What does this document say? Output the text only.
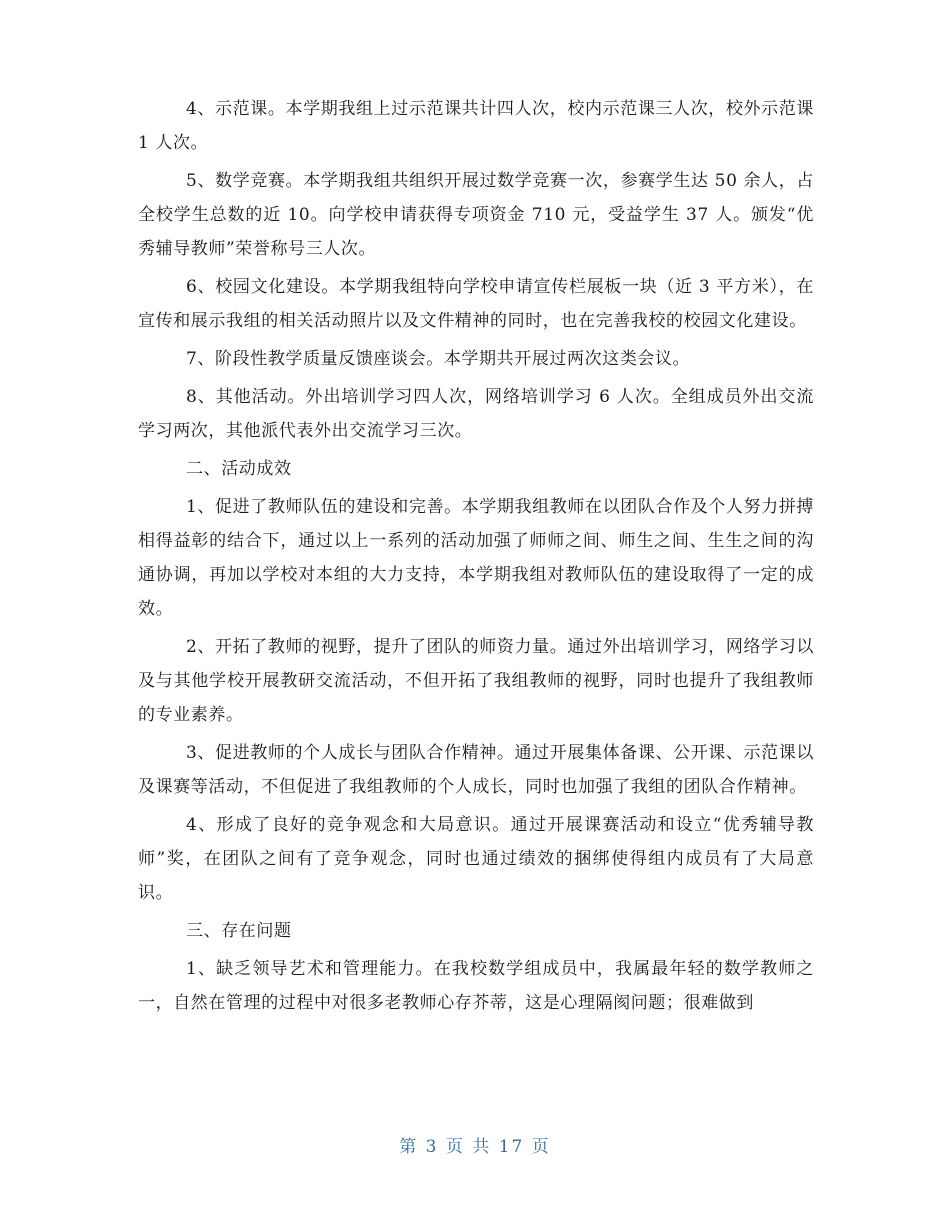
4、示范课。本学期我组上过示范课共计四人次，校内示范课三人次，校外示范课 1 人次。

5、数学竞赛。本学期我组共组织开展过数学竞赛一次，参赛学生达 50 余人，占全校学生总数的近 10。向学校申请获得专项资金 710 元，受益学生 37 人。颁发“优秀辅导教师”荣誉称号三人次。

6、校园文化建设。本学期我组特向学校申请宣传栏展板一块（近 3 平方米），在宣传和展示我组的相关活动照片以及文件精神的同时，也在完善我校的校园文化建设。

7、阶段性教学质量反馈座谈会。本学期共开展过两次这类会议。

8、其他活动。外出培训学习四人次，网络培训学习 6 人次。全组成员外出交流学习两次，其他派代表外出交流学习三次。

二、活动成效

1、促进了教师队伍的建设和完善。本学期我组教师在以团队合作及个人努力拼搏相得益彰的结合下，通过以上一系列的活动加强了师师之间、师生之间、生生之间的沟通协调，再加以学校对本组的大力支持，本学期我组对教师队伍的建设取得了一定的成效。

2、开拓了教师的视野，提升了团队的师资力量。通过外出培训学习，网络学习以及与其他学校开展教研交流活动，不但开拓了我组教师的视野，同时也提升了我组教师的专业素养。

3、促进教师的个人成长与团队合作精神。通过开展集体备课、公开课、示范课以及课赛等活动，不但促进了我组教师的个人成长，同时也加强了我组的团队合作精神。

4、形成了良好的竞争观念和大局意识。通过开展课赛活动和设立“优秀辅导教师”奖，在团队之间有了竞争观念，同时也通过绩效的捆绑使得组内成员有了大局意识。

三、存在问题

1、缺乏领导艺术和管理能力。在我校数学组成员中，我属最年轻的数学教师之一，自然在管理的过程中对很多老教师心存芥蒂，这是心理隔阂问题；很难做到

第 3 页 共 17 页
